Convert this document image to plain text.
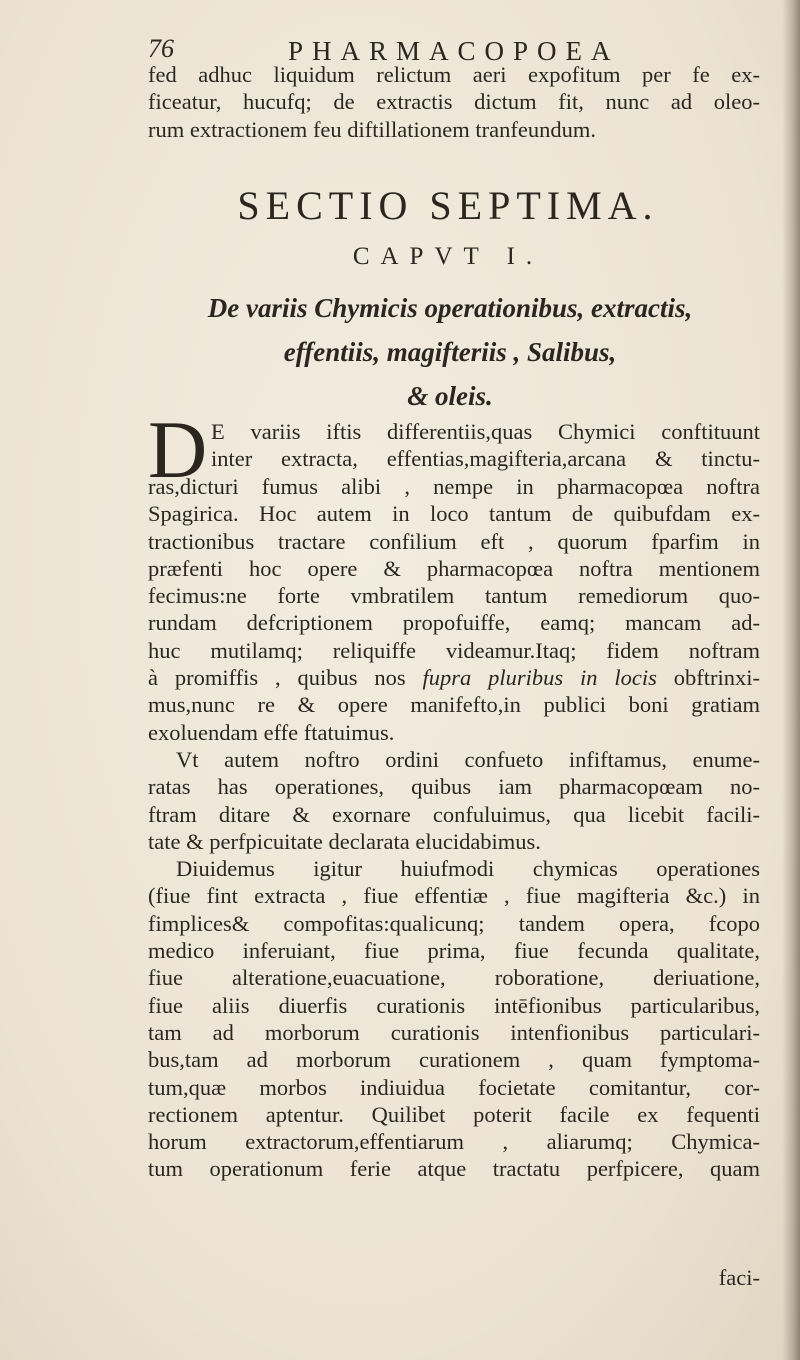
76	PHARMACOPOEA
fed adhuc liquidum relictum aeri expofitum per fe ex-
ficeatur, hucufq; de extractis dictum fit, nunc ad oleo-
rum extractionem feu diftillationem tranfeundum.
SECTIO SEPTIMA.
CAPVT I.
De variis Chymicis operationibus, extractis,
effentiis, magifteriis , Salibus,
& oleis.
D E variis iftis differentiis,quas Chymici conftituunt
inter extracta, effentias,magifteria,arcana & tinctu-
ras,dicturi fumus alibi , nempe in pharmacopœa noftra
Spagirica. Hoc autem in loco tantum de quibufdam ex-
tractionibus tractare confilium eft , quorum fparfim in
præfenti hoc opere & pharmacopœa noftra mentionem
fecimus:ne forte vmbratilem tantum remediorum quo-
rundam defcriptionem propofuiffe, eamq; mancam ad-
huc mutilamq; reliquiffe videamur.Itaq; fidem noftram
à promiffis , quibus nos fupra pluribus in locis obftrinxi-
mus,nunc re & opere manifefto,in publici boni gratiam
exoluendam effe ftatuimus.
Vt autem noftro ordini confueto infiftamus, enume-
ratas has operationes, quibus iam pharmacopœam no-
ftram ditare & exornare confuluimus, qua licebit facili-
tate & perfpicuitate declarata elucidabimus.
Diuidemus igitur huiufmodi chymicas operationes
(fiue fint extracta , fiue effentiæ , fiue magifteria &c.) in
fimplices& compofitas:qualicunq; tandem opera, fcopo
medico inferuiant, fiue prima, fiue fecunda qualitate,
fiue alteratione,euacuatione, roboratione, deriuatione,
fiue aliis diuerfis curationis intēfionibus particularibus,
tam ad morborum curationis intenfionibus particulari-
bus,tam ad morborum curationem , quam fymptoma-
tum,quæ morbos indiuidua focietate comitantur, cor-
rectionem aptentur. Quilibet poterit facile ex fequenti
horum extractorum,effentiarum , aliarumq; Chymica-
tum operationum ferie atque tractatu perfpicere, quam
faci-
